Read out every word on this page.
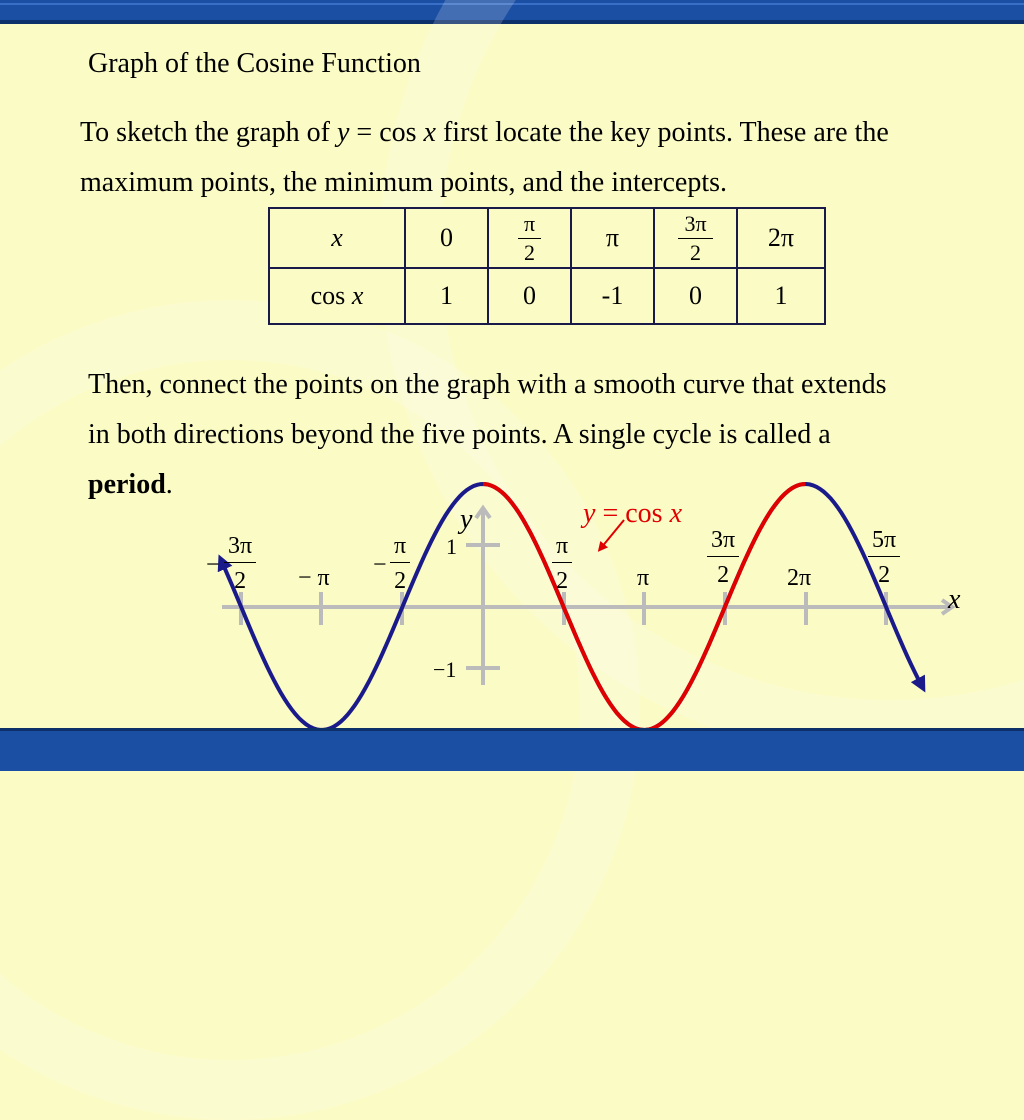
Graph of the Cosine Function
To sketch the graph of y = cos x first locate the key points. These are the maximum points, the minimum points, and the intercepts.
x	0	$\frac{\pi}{2}$	π	$\frac{3\pi}{2}$	2π
cos x	1	0	-1	0	1
Then, connect the points on the graph with a smooth curve that extends in both directions beyond the five points. A single cycle is called a period.
y
x
y = cos x
1
−1
− $\frac{3\pi}{2} - \pi - \frac{\pi}{2}$	$\frac{\pi}{2}$	π $\frac{3\pi}{2} 2\pi \frac{5\pi}{2}$
